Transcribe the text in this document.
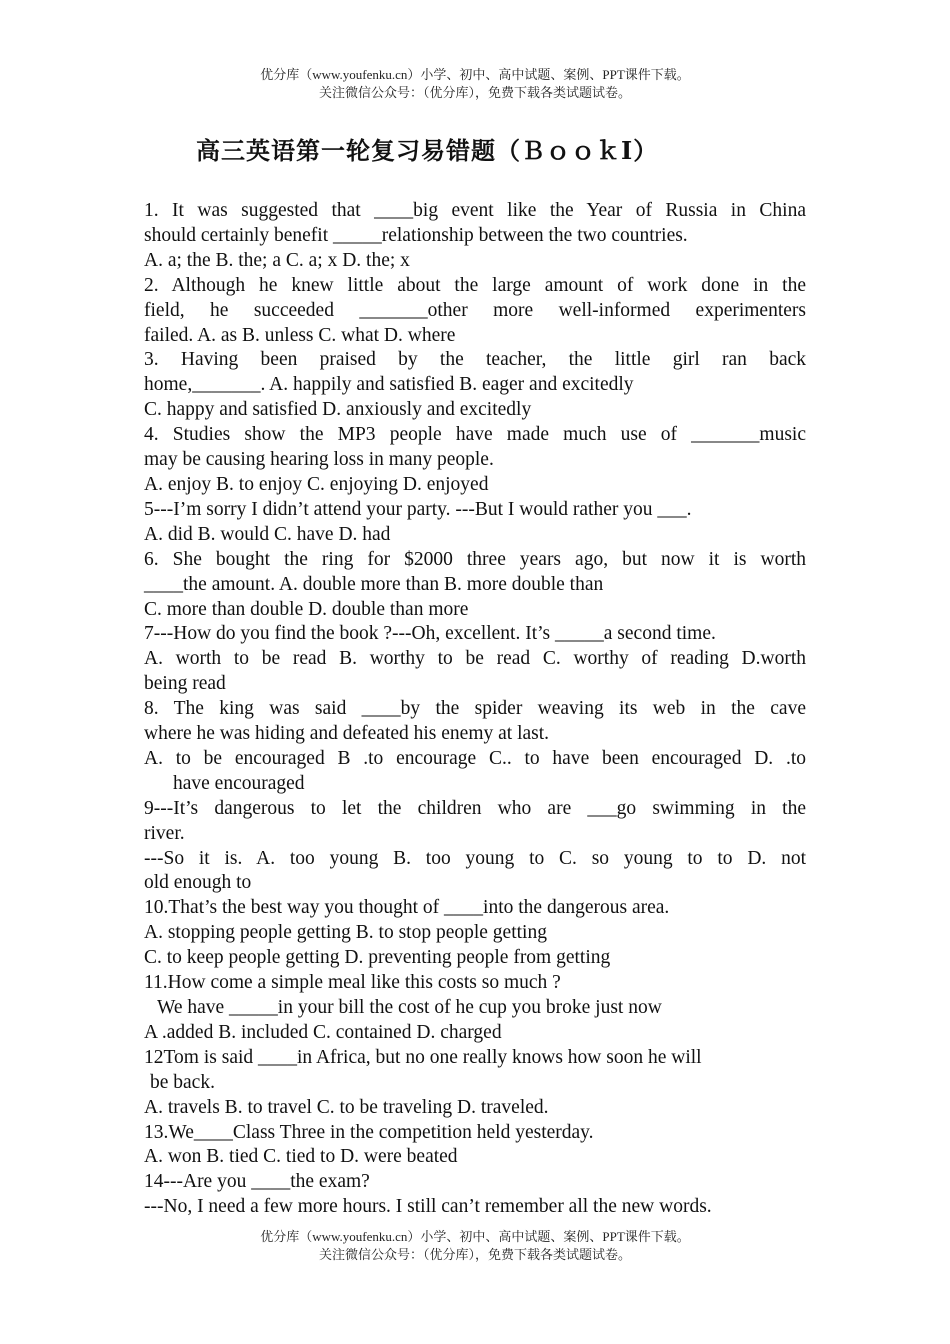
优分库（www.youfenku.cn）小学、初中、高中试题、案例、PPT课件下载。
关注微信公众号：（优分库），免费下载各类试题试卷。
高三英语第一轮复习易错题（ＢｏｏｋⅠ）
1. It was suggested that ____big event like the Year of Russia in China
should certainly benefit _____relationship between the two countries.
A. a; the B. the; a C. a; x D. the; x
2. Although he knew little about the large amount of work done in the
field, he succeeded _______other more well-informed experimenters
failed. A. as B. unless C. what D. where
3. Having been praised by the teacher, the little girl ran back
home,_______. A. happily and satisfied B. eager and excitedly
C. happy and satisfied D. anxiously and excitedly
4. Studies show the MP3 people have made much use of _______music
may be causing hearing loss in many people.
A. enjoy B. to enjoy C. enjoying D. enjoyed
5---I’m sorry I didn’t attend your party. ---But I would rather you ___.
A. did B. would C. have D. had
6. She bought the ring for $2000 three years ago, but now it is worth
____the amount. A. double more than B. more double than
C. more than double D. double than more
7---How do you find the book ?---Oh, excellent. It’s _____a second time.
A. worth to be read B. worthy to be read C. worthy of reading D.worth
being read
8. The king was said ____by the spider weaving its web in the cave
where he was hiding and defeated his enemy at last.
A. to be encouraged B .to encourage C.. to have been encouraged D. .to
have encouraged
9---It’s dangerous to let the children who are ___go swimming in the
river.
---So it is. A. too young B. too young to C. so young to to D. not
old enough to
10.That’s the best way you thought of ____into the dangerous area.
A. stopping people getting B. to stop people getting
C. to keep people getting D. preventing people from getting
11.How come a simple meal like this costs so much ?
We have _____in your bill the cost of he cup you broke just now
A .added B. included C. contained D. charged
12Tom is said ____in Africa, but no one really knows how soon he will
be back.
A. travels B. to travel C. to be traveling D. traveled.
13.We____Class Three in the competition held yesterday.
A. won B. tied C. tied to D. were beated
14---Are you ____the exam?
---No, I need a few more hours. I still can’t remember all the new words.
优分库（www.youfenku.cn）小学、初中、高中试题、案例、PPT课件下载。
关注微信公众号：（优分库），免费下载各类试题试卷。
